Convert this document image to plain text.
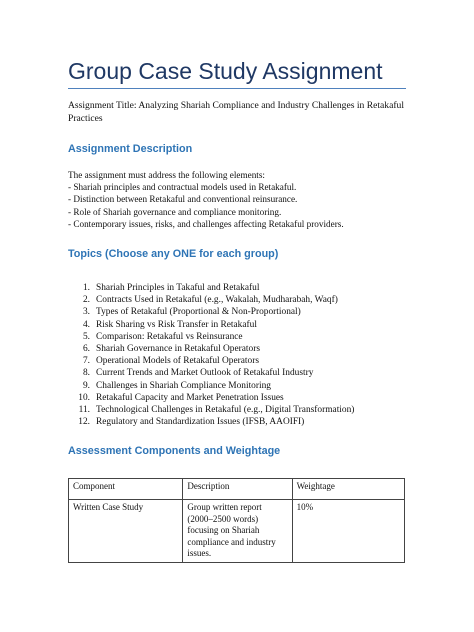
Group Case Study Assignment
Assignment Title: Analyzing Shariah Compliance and Industry Challenges in Retakaful Practices
Assignment Description
The assignment must address the following elements:
- Shariah principles and contractual models used in Retakaful.
- Distinction between Retakaful and conventional reinsurance.
- Role of Shariah governance and compliance monitoring.
- Contemporary issues, risks, and challenges affecting Retakaful providers.
Topics (Choose any ONE for each group)
1. Shariah Principles in Takaful and Retakaful
2. Contracts Used in Retakaful (e.g., Wakalah, Mudharabah, Waqf)
3. Types of Retakaful (Proportional & Non-Proportional)
4. Risk Sharing vs Risk Transfer in Retakaful
5. Comparison: Retakaful vs Reinsurance
6. Shariah Governance in Retakaful Operators
7. Operational Models of Retakaful Operators
8. Current Trends and Market Outlook of Retakaful Industry
9. Challenges in Shariah Compliance Monitoring
10. Retakaful Capacity and Market Penetration Issues
11. Technological Challenges in Retakaful (e.g., Digital Transformation)
12. Regulatory and Standardization Issues (IFSB, AAOIFI)
Assessment Components and Weightage
Component	Description	Weightage
Written Case Study	Group written report
(2000–2500 words)
focusing on Shariah
compliance and industry
issues.	10%
